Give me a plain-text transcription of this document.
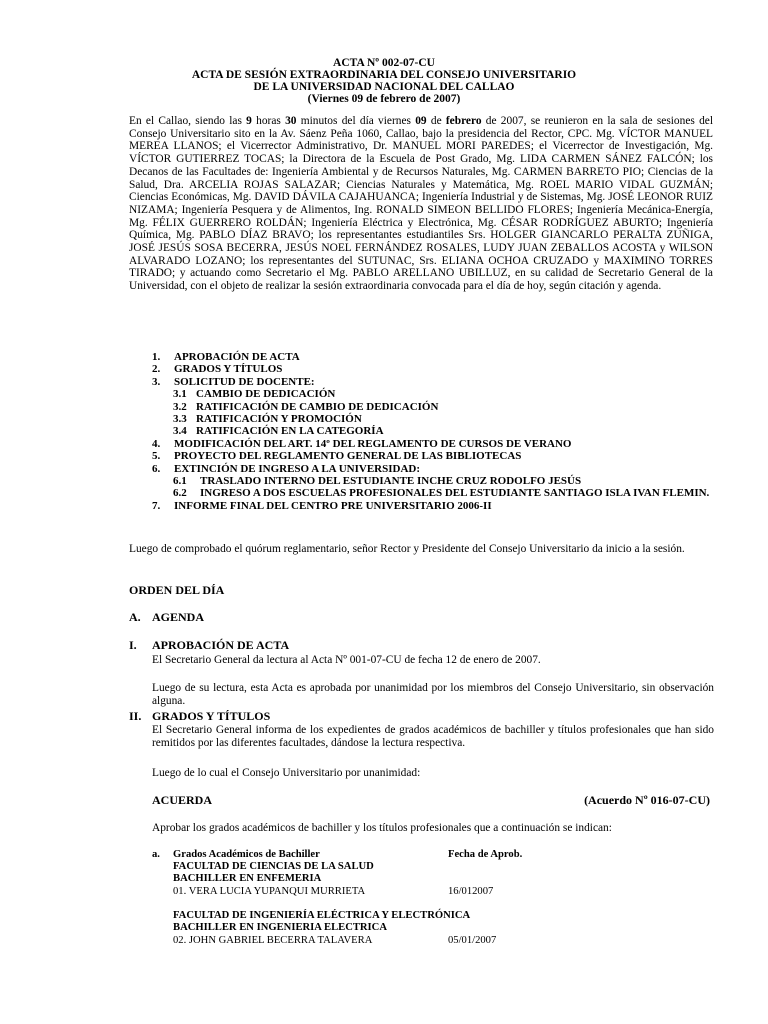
ACTA Nº 002-07-CU
ACTA DE SESIÓN EXTRAORDINARIA DEL CONSEJO UNIVERSITARIO
DE LA UNIVERSIDAD NACIONAL DEL CALLAO
(Viernes 09 de febrero de 2007)
En el Callao, siendo las 9 horas 30 minutos del día viernes 09 de febrero de 2007, se reunieron en la sala de sesiones del Consejo Universitario sito en la Av. Sáenz Peña 1060, Callao, bajo la presidencia del Rector, CPC. Mg. VÍCTOR MANUEL MEREA LLANOS; el Vicerrector Administrativo, Dr. MANUEL MORI PAREDES; el Vicerrector de Investigación, Mg. VÍCTOR GUTIERREZ TOCAS; la Directora de la Escuela de Post Grado, Mg. LIDA CARMEN SÁNEZ FALCÓN; los Decanos de las Facultades de: Ingeniería Ambiental y de Recursos Naturales, Mg. CARMEN BARRETO PIO; Ciencias de la Salud, Dra. ARCELIA ROJAS SALAZAR; Ciencias Naturales y Matemática, Mg. ROEL MARIO VIDAL GUZMÁN; Ciencias Económicas, Mg. DAVID DÁVILA CAJAHUANCA; Ingeniería Industrial y de Sistemas, Mg. JOSÉ LEONOR RUIZ NIZAMA; Ingeniería Pesquera y de Alimentos, Ing. RONALD SIMEON BELLIDO FLORES; Ingeniería Mecánica-Energía, Mg. FÉLIX GUERRERO ROLDÁN; Ingeniería Eléctrica y Electrónica, Mg. CÉSAR RODRÍGUEZ ABURTO; Ingeniería Química, Mg. PABLO DÍAZ BRAVO; los representantes estudiantiles Srs. HOLGER GIANCARLO PERALTA ZUÑIGA, JOSÉ JESÚS SOSA BECERRA, JESÚS NOEL FERNÁNDEZ ROSALES, LUDY JUAN ZEBALLOS ACOSTA y WILSON ALVARADO LOZANO; los representantes del SUTUNAC, Srs. ELIANA OCHOA CRUZADO y MAXIMINO TORRES TIRADO; y actuando como Secretario el Mg. PABLO ARELLANO UBILLUZ, en su calidad de Secretario General de la Universidad, con el objeto de realizar la sesión extraordinaria convocada para el día de hoy, según citación y agenda.
1. APROBACIÓN DE ACTA
2. GRADOS Y TÍTULOS
3. SOLICITUD DE DOCENTE:
3.1 CAMBIO DE DEDICACIÓN
3.2 RATIFICACIÓN DE CAMBIO DE DEDICACIÓN
3.3 RATIFICACIÓN Y PROMOCIÓN
3.4 RATIFICACIÓN EN LA CATEGORÍA
4. MODIFICACIÓN DEL ART. 14º DEL REGLAMENTO DE CURSOS DE VERANO
5. PROYECTO DEL REGLAMENTO GENERAL DE LAS BIBLIOTECAS
6. EXTINCIÓN DE INGRESO A LA UNIVERSIDAD:
6.1 TRASLADO INTERNO DEL ESTUDIANTE INCHE CRUZ RODOLFO JESÚS
6.2 INGRESO A DOS ESCUELAS PROFESIONALES DEL ESTUDIANTE SANTIAGO ISLA IVAN FLEMIN.
7. INFORME FINAL DEL CENTRO PRE UNIVERSITARIO 2006-II
Luego de comprobado el quórum reglamentario, señor Rector y Presidente del Consejo Universitario da inicio a la sesión.
ORDEN DEL DÍA
A. AGENDA
I. APROBACIÓN DE ACTA
El Secretario General da lectura al Acta Nº 001-07-CU de fecha 12 de enero de 2007.
Luego de su lectura, esta Acta es aprobada por unanimidad por los miembros del Consejo Universitario, sin observación alguna.
II. GRADOS Y TÍTULOS
El Secretario General informa de los expedientes de grados académicos de bachiller y títulos profesionales que han sido remitidos por las diferentes facultades, dándose la lectura respectiva.
Luego de lo cual el Consejo Universitario por unanimidad:
ACUERDA	(Acuerdo Nº 016-07-CU)
Aprobar los grados académicos de bachiller y los títulos profesionales que a continuación se indican:
a. Grados Académicos de Bachiller	Fecha de Aprob.
FACULTAD DE CIENCIAS DE LA SALUD
BACHILLER EN ENFEMERIA
01. VERA LUCIA YUPANQUI MURRIETA	16/012007
FACULTAD DE INGENIERÍA ELÉCTRICA Y ELECTRÓNICA
BACHILLER EN INGENIERIA ELECTRICA
02. JOHN GABRIEL BECERRA TALAVERA	05/01/2007
